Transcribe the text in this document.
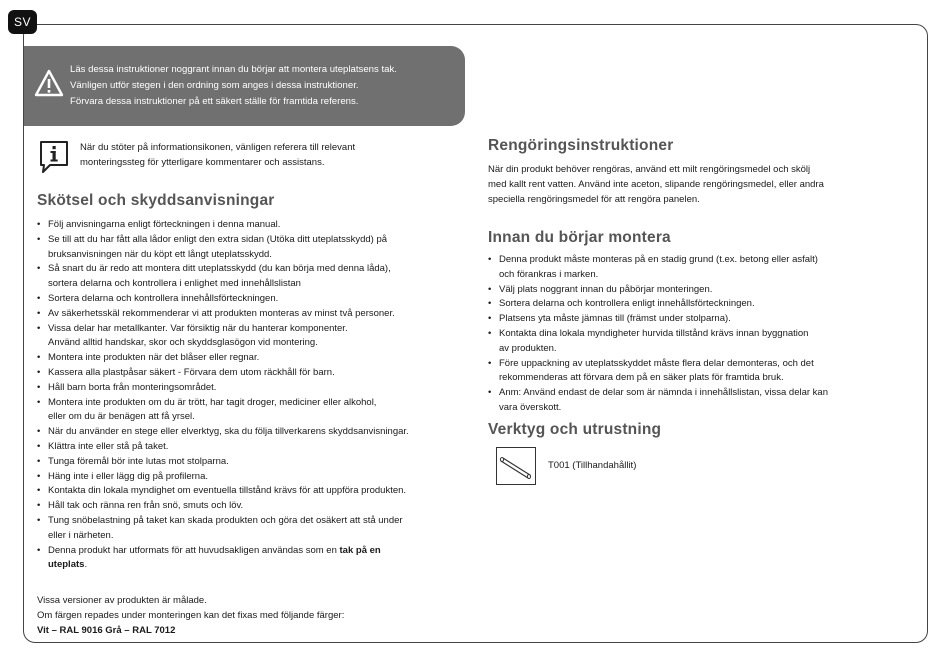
SV
Läs dessa instruktioner noggrant innan du börjar att montera uteplatsens tak.
Vänligen utför stegen i den ordning som anges i dessa instruktioner.
Förvara dessa instruktioner på ett säkert ställe för framtida referens.
När du stöter på informationsikonen, vänligen referera till relevant
monteringssteg för ytterligare kommentarer och assistans.
Skötsel och skyddsanvisningar
• Följ anvisningarna enligt förteckningen i denna manual.
• Se till att du har fått alla lådor enligt den extra sidan (Utöka ditt uteplatsskydd) på
bruksanvisningen när du köpt ett långt uteplatsskydd.
• Så snart du är redo att montera ditt uteplatsskydd (du kan börja med denna låda),
sortera delarna och kontrollera i enlighet med innehållslistan
• Sortera delarna och kontrollera innehållsförteckningen.
• Av säkerhetsskäl rekommenderar vi att produkten monteras av minst två personer.
• Vissa delar har metallkanter. Var försiktig när du hanterar komponenter.
Använd alltid handskar, skor och skyddsglasögon vid montering.
• Montera inte produkten när det blåser eller regnar.
• Kassera alla plastpåsar säkert - Förvara dem utom räckhåll för barn.
• Håll barn borta från monteringsområdet.
• Montera inte produkten om du är trött, har tagit droger, mediciner eller alkohol,
eller om du är benägen att få yrsel.
• När du använder en stege eller elverktyg, ska du följa tillverkarens skyddsanvisningar.
• Klättra inte eller stå på taket.
• Tunga föremål bör inte lutas mot stolparna.
• Häng inte i eller lägg dig på profilerna.
• Kontakta din lokala myndighet om eventuella tillstånd krävs för att uppföra produkten.
• Håll tak och ränna ren från snö, smuts och löv.
• Tung snöbelastning på taket kan skada produkten och göra det osäkert att stå under
eller i närheten.
• Denna produkt har utformats för att huvudsakligen användas som en tak på en
uteplats.
Vissa versioner av produkten är målade.
Om färgen repades under monteringen kan det fixas med följande färger:
Vit – RAL 9016 Grå – RAL 7012
Rengöringsinstruktioner
När din produkt behöver rengöras, använd ett milt rengöringsmedel och skölj
med kallt rent vatten. Använd inte aceton, slipande rengöringsmedel, eller andra
speciella rengöringsmedel för att rengöra panelen.
Innan du börjar montera
• Denna produkt måste monteras på en stadig grund (t.ex. betong eller asfalt)
och förankras i marken.
• Välj plats noggrant innan du påbörjar monteringen.
• Sortera delarna och kontrollera enligt innehållsförteckningen.
• Platsens yta måste jämnas till (främst under stolparna).
• Kontakta dina lokala myndigheter hurvida tillstånd krävs innan byggnation
av produkten.
• Före uppackning av uteplatsskyddet måste flera delar demonteras, och det
rekommenderas att förvara dem på en säker plats för framtida bruk.
• Anm: Använd endast de delar som är nämnda i innehållslistan, vissa delar kan
vara överskott.
Verktyg och utrustning
T001 (Tillhandahållit)
